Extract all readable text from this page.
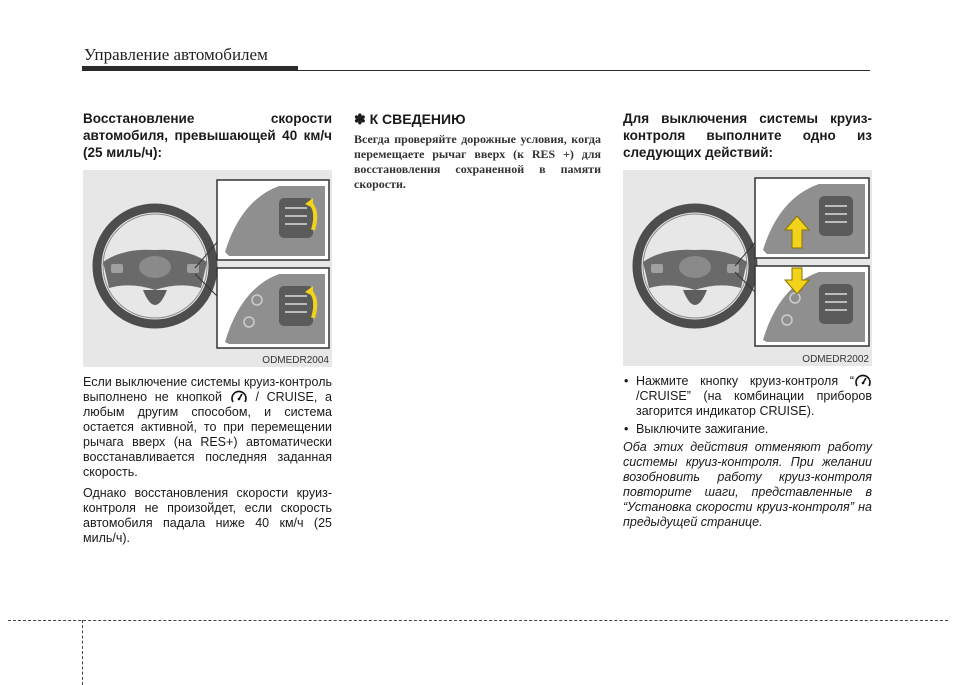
Управление автомобилем
Восстановление скорости автомобиля, превышающей 40 км/ч (25 миль/ч):
ODMEDR2004
Если выключение системы круиз-контроль выполнено не кнопкой	/ CRUISE, а любым другим способом, и система остается активной, то при перемещении рычага вверх (на RES+) автоматически восстанавливается последняя заданная скорость.
Однако восстановления скорости круиз-контроля не произойдет, если скорость автомобиля падала ниже 40 км/ч (25 миль/ч).
✽ К СВЕДЕНИЮ
Всегда проверяйте дорожные условия, когда перемещаете рычаг вверх (к RES +) для восстановления сохраненной в памяти скорости.
Для выключения системы круиз-контроля выполните одно из следующих действий:
ODMEDR2002
• Нажмите кнопку круиз-контроля “/CRUISE” (на комбинации приборов загорится индикатор CRUISE).
• Выключите зажигание.
Оба этих действия отменяют работу системы круиз-контроля. При желании возобновить работу круиз-контроля повторите шаги, представленные в “Установка скорости круиз-контроля” на предыдущей странице.
